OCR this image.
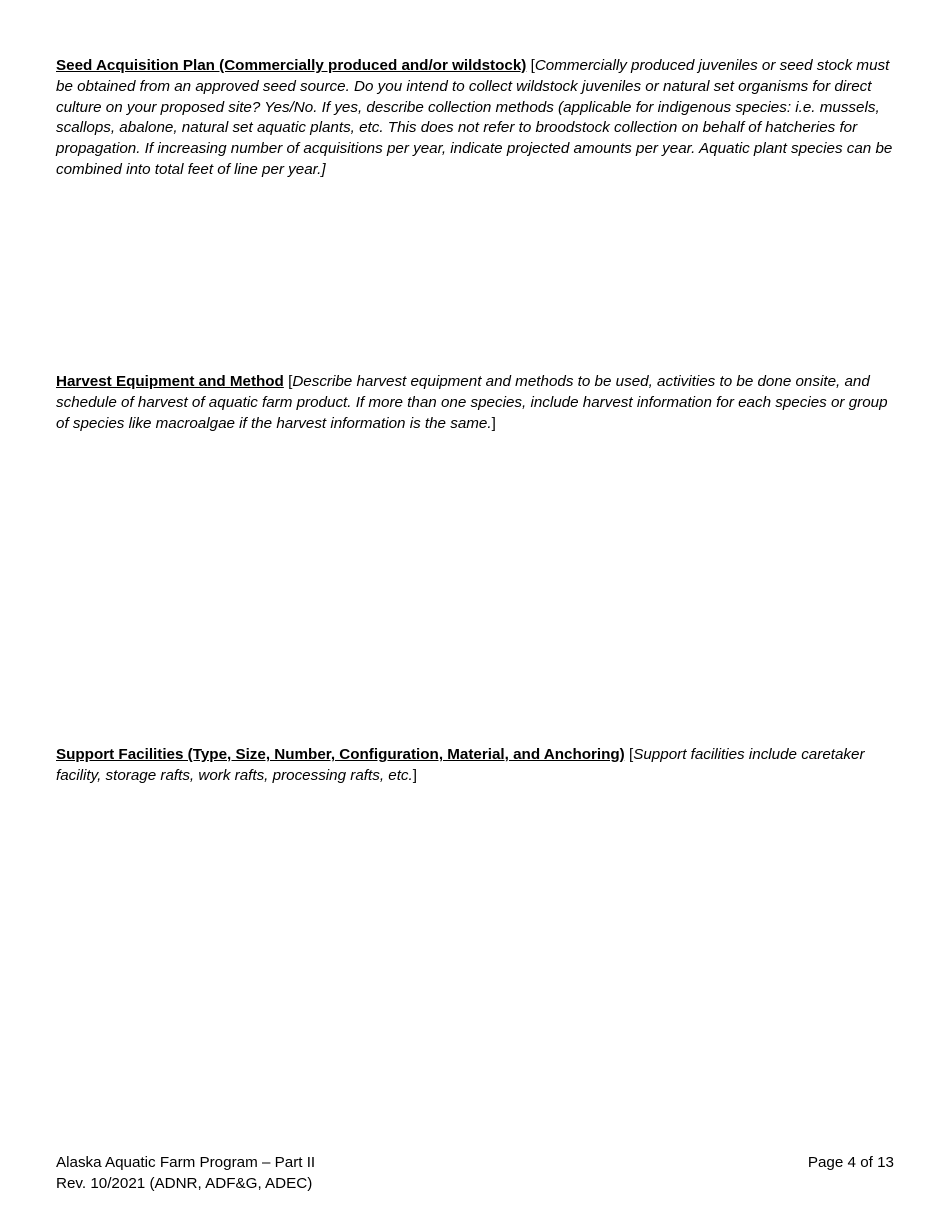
Seed Acquisition Plan (Commercially produced and/or wildstock) [Commercially produced juveniles or seed stock must be obtained from an approved seed source. Do you intend to collect wildstock juveniles or natural set organisms for direct culture on your proposed site? Yes/No. If yes, describe collection methods (applicable for indigenous species: i.e. mussels, scallops, abalone, natural set aquatic plants, etc. This does not refer to broodstock collection on behalf of hatcheries for propagation. If increasing number of acquisitions per year, indicate projected amounts per year. Aquatic plant species can be combined into total feet of line per year.]

Harvest Equipment and Method [Describe harvest equipment and methods to be used, activities to be done onsite, and schedule of harvest of aquatic farm product. If more than one species, include harvest information for each species or group of species like macroalgae if the harvest information is the same.]

Support Facilities (Type, Size, Number, Configuration, Material, and Anchoring) [Support facilities include caretaker facility, storage rafts, work rafts, processing rafts, etc.]

Alaska Aquatic Farm Program – Part II
Rev. 10/2021 (ADNR, ADF&G, ADEC)
Page 4 of 13
